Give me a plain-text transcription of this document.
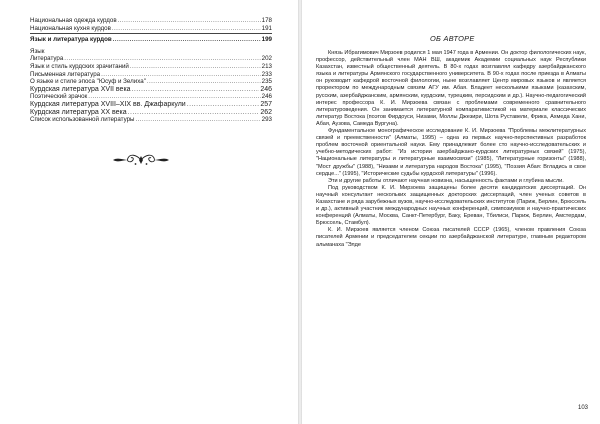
Национальная одежда курдов .....	178
Национальная кухня курдов .....	191
Язык и литература курдов .....	199
Язык
Литература .....	202
Язык и стиль курдских зрачитаний .....	213
Письменная литература .....	233
О языке и стиле эпоса "Юсуф и Зелиха" .....	235
Курдская литература XVII века .....	246
Поэтический зрачок .....	246
Курдская литература XVIII–XIX вв. Джафаркули .....	257
Курдская литература XX века .....	262
Список использованной литературы .....	293
ОБ АВТОРЕ

Князь Ибрагимович Мирзоев родился 1 мая 1947 года в Армении. Он доктор филологических наук, профессор, действительный член МАН ВШ, академик Академии социальных наук Республики Казахстан, известный общественный деятель. В 80-х годах возглавлял кафедру азербайджанского языка и литературы Армянского государственного университета. В 90-х годах после приезда в Алматы он руководит кафедрой восточной филологии, ныне возглавляет Центр мировых языков и является проректором по международным связям АГУ им. Абая. Владеет несколькими языками (казахским, русским, азербайджанским, армянским, курдским, турецким, персидским и др.). Научно-педагогический интерес профессора К. И. Мирзоева связан с проблемами современного сравнительного литературоведения. Он занимается литературной компаративистикой на материале классических литератур Востока (поэтов Фирдоуси, Низами, Моллы Джезири, Шота Руставели, Фрика, Ахмеда Хани, Абая, Аузова, Самеда Вургуна).

Фундаментальное монографическое исследование К. И. Мирзоева "Проблемы межлитературных связей и преемственности" (Алматы, 1995) – одна из первых научно-перспективных разработок проблем восточной ориентальной науки. Ему принадлежит более сто научно-исследовательских и учебно-методических работ: "Из истории азербайджано-курдских литературных связей" (1975), "Национальные литературы и литературные взаимосвязи" (1985), "Литературные горизонты" (1988), "Мост дружбы" (1988), "Низами и литература народов Востока" (1995), "Поэзия Абая: Вгладись в свое сердце..." (1995), "Исторические судьбы курдской литературы" (1996).

Эти и другие работы отличают научная новизна, насыщенность фактами и глубина мысли.

Под руководством К. И. Мирзоева защищены более десяти кандидатских диссертаций. Он научный консультант нескольких защищенных докторских диссертаций, член ученых советов в Казахстане и ряда зарубежных вузов, научно-исследовательских институтов (Париж, Берлин, Брюссель и др.), активный участник международных научных конференций, симпозиумов и научно-практических конференций (Алматы, Москва, Санкт-Петербург, Баку, Ереван, Тбилиси, Париж, Берлин, Амстердам, Брюссель, Стамбул).

К. И. Мирзоев является членом Союза писателей СССР (1965), членом правления Союза писателей Армении и председателем секции по азербайджанской литературе, главным редактором альманаха "Элде

103
